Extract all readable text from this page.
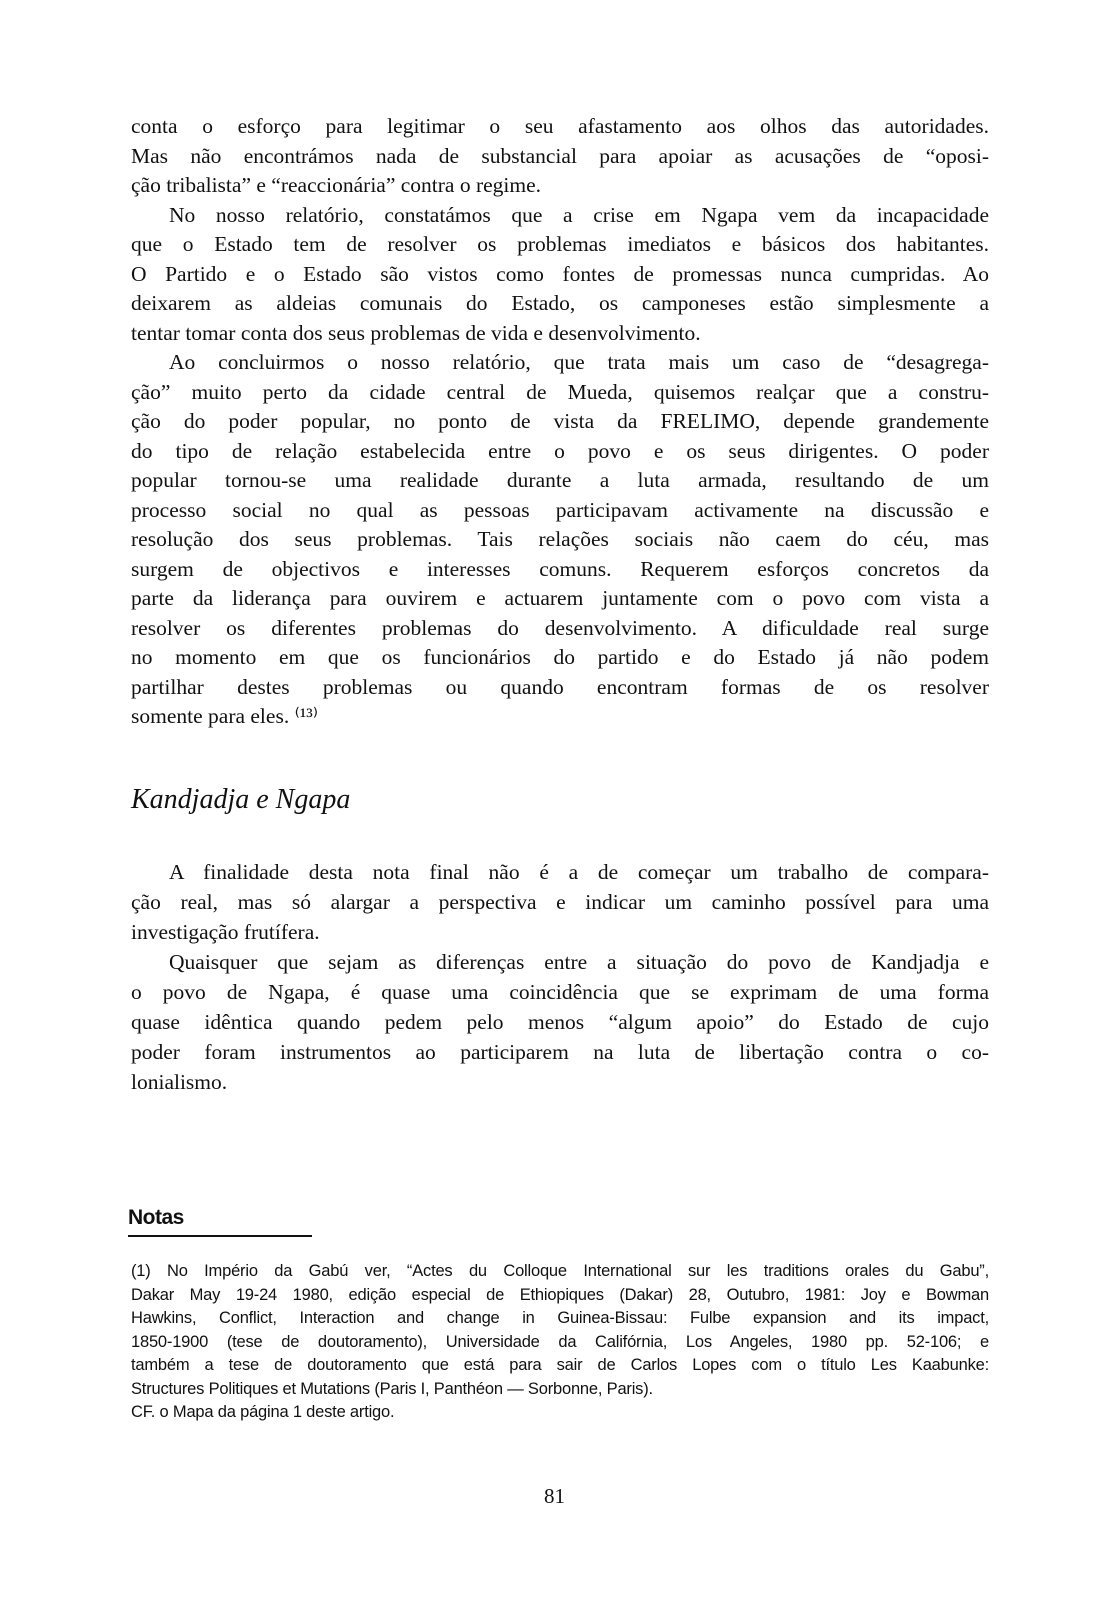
conta o esforço para legitimar o seu afastamento aos olhos das autoridades.
Mas não encontrámos nada de substancial para apoiar as acusações de “oposi-
ção tribalista” e “reaccionária” contra o regime.
No nosso relatório, constatámos que a crise em Ngapa vem da incapacidade
que o Estado tem de resolver os problemas imediatos e básicos dos habitantes.
O Partido e o Estado são vistos como fontes de promessas nunca cumpridas. Ao
deixarem as aldeias comunais do Estado, os camponeses estão simplesmente a
tentar tomar conta dos seus problemas de vida e desenvolvimento.
Ao concluirmos o nosso relatório, que trata mais um caso de “desagrega-
ção” muito perto da cidade central de Mueda, quisemos realçar que a constru-
ção do poder popular, no ponto de vista da FRELIMO, depende grandemente
do tipo de relação estabelecida entre o povo e os seus dirigentes. O poder
popular tornou-se uma realidade durante a luta armada, resultando de um
processo social no qual as pessoas participavam activamente na discussão e
resolução dos seus problemas. Tais relações sociais não caem do céu, mas
surgem de objectivos e interesses comuns. Requerem esforços concretos da
parte da liderança para ouvirem e actuarem juntamente com o povo com vista a
resolver os diferentes problemas do desenvolvimento. A dificuldade real surge
no momento em que os funcionários do partido e do Estado já não podem
partilhar destes problemas ou quando encontram formas de os resolver
somente para eles. ⁽¹³⁾
Kandjadja e Ngapa
A finalidade desta nota final não é a de começar um trabalho de compara-
ção real, mas só alargar a perspectiva e indicar um caminho possível para uma
investigação frutífera.
Quaisquer que sejam as diferenças entre a situação do povo de Kandjadja e
o povo de Ngapa, é quase uma coincidência que se exprimam de uma forma
quase idêntica quando pedem pelo menos “algum apoio” do Estado de cujo
poder foram instrumentos ao participarem na luta de libertação contra o co-
lonialismo.
Notas
(1) No Império da Gabú ver, “Actes du Colloque International sur les traditions orales du Gabu”,
Dakar May 19-24 1980, edição especial de Ethiopiques (Dakar) 28, Outubro, 1981: Joy e Bowman
Hawkins, Conflict, Interaction and change in Guinea-Bissau: Fulbe expansion and its impact,
1850-1900 (tese de doutoramento), Universidade da Califórnia, Los Angeles, 1980 pp. 52-106; e
também a tese de doutoramento que está para sair de Carlos Lopes com o título Les Kaabunke:
Structures Politiques et Mutations (Paris I, Panthéon — Sorbonne, Paris).
CF. o Mapa da página 1 deste artigo.
81
